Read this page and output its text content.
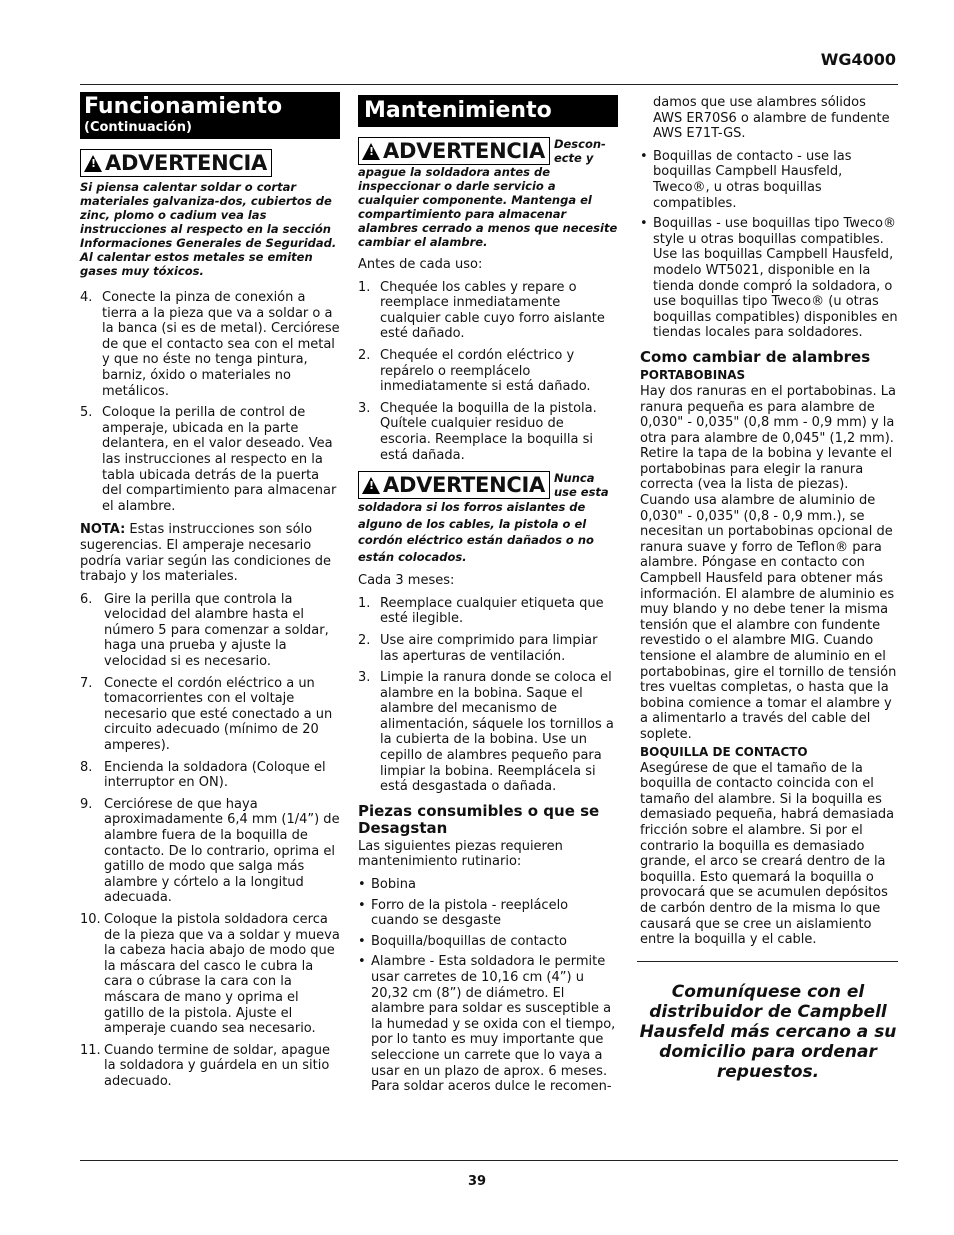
WG4000
Funcionamiento
(Continuación)
!
ADVERTENCIA
Si piensa calentar soldar o cortar materiales galvaniza-dos, cubiertos de zinc, plomo o cadium vea las instrucciones al respecto en la sección Informaciones Generales de Seguridad. Al calentar estos metales se emiten gases muy tóxicos.
4. Conecte la pinza de conexión a tierra a la pieza que va a soldar o a la banca (si es de metal). Cerciórese de que el contacto sea con el metal y que no éste no tenga pintura, barniz, óxido o materiales no metálicos.
5. Coloque la perilla de control de amperaje, ubicada en la parte delantera, en el valor deseado. Vea las instrucciones al respecto en la tabla ubicada detrás de la puerta del compartimiento para almacenar el alambre.

NOTA: Estas instrucciones son sólo sugerencias. El amperaje necesario podría variar según las condiciones de trabajo y los materiales.

6. Gire la perilla que controla la velocidad del alambre hasta el número 5 para comenzar a soldar, haga una prueba y ajuste la velocidad si es necesario.
7. Conecte el cordón eléctrico a un tomacorrientes con el voltaje necesario que esté conectado a un circuito adecuado (mínimo de 20 amperes).
8. Encienda la soldadora (Coloque el interruptor en ON).
9. Cerciórese de que haya aproximadamente 6,4 mm (1/4”) de alambre fuera de la boquilla de contacto. De lo contrario, oprima el gatillo de modo que salga más alambre y córtelo a la longitud adecuada.
10. Coloque la pistola soldadora cerca de la pieza que va a soldar y mueva la cabeza hacia abajo de modo que la máscara del casco le cubra la cara o cúbrase la cara con la máscara de mano y oprima el gatillo de la pistola. Ajuste el amperaje cuando sea necesario.
11. Cuando termine de soldar, apague la soldadora y guárdela en un sitio adecuado.
Mantenimiento
!
ADVERTENCIA Descon-ecte y
apague la soldadora antes de inspeccionar o darle servicio a cualquier componente. Mantenga el compartimiento para almacenar alambres cerrado a menos que necesite cambiar el alambre.

Antes de cada uso:

1. Chequée los cables y repare o reemplace inmediatamente cualquier cable cuyo forro aislante esté dañado.
2. Chequée el cordón eléctrico y repárelo o reemplácelo inmediatamente si está dañado.
3. Chequée la boquilla de la pistola. Quítele cualquier residuo de escoria. Reemplace la boquilla si está dañada.
!
ADVERTENCIA Nunca use esta
soldadora si los forros aislantes de alguno de los cables, la pistola o el cordón eléctrico están dañados o no están colocados.

Cada 3 meses:

1. Reemplace cualquier etiqueta que esté ilegible.
2. Use aire comprimido para limpiar las aperturas de ventilación.
3. Limpie la ranura donde se coloca el alambre en la bobina. Saque el alambre del mecanismo de alimentación, sáquele los tornillos a la cubierta de la bobina. Use un cepillo de alambres pequeño para limpiar la bobina. Reemplácela si está desgastada o dañada.
Piezas consumibles o que se Desagstan

Las siguientes piezas requieren mantenimiento rutinario:

• Bobina
• Forro de la pistola - reeplácelo cuando se desgaste
• Boquilla/boquillas de contacto
• Alambre - Esta soldadora le permite usar carretes de 10,16 cm (4”) u 20,32 cm (8”) de diámetro. El alambre para soldar es susceptible a la humedad y se oxida con el tiempo, por lo tanto es muy importante que seleccione un carrete que lo vaya a usar en un plazo de aprox. 6 meses. Para soldar aceros dulce le recomen-

damos que use alambres sólidos AWS ER70S6 o alambre de fundente AWS E71T-GS.

• Boquillas de contacto - use las boquillas Campbell Hausfeld, Tweco®, u otras boquillas compatibles.
• Boquillas - use boquillas tipo Tweco® style u otras boquillas compatibles. Use las boquillas Campbell Hausfeld, modelo WT5021, disponible en la tienda donde compró la soldadora, o use boquillas tipo Tweco® (u otras boquillas compatibles) disponibles en tiendas locales para soldadores.
Como cambiar de alambres
PORTABOBINAS

Hay dos ranuras en el portabobinas. La ranura pequeña es para alambre de 0,030" - 0,035" (0,8 mm - 0,9 mm) y la otra para alambre de 0,045" (1,2 mm). Retire la tapa de la bobina y levante el portabobinas para elegir la ranura correcta (vea la lista de piezas). Cuando usa alambre de aluminio de 0,030" - 0,035" (0,8 - 0,9 mm.), se necesitan un portabobinas opcional de ranura suave y forro de Teflon® para alambre. Póngase en contacto con Campbell Hausfeld para obtener más información. El alambre de aluminio es muy blando y no debe tener la misma tensión que el alambre con fundente revestido o el alambre MIG. Cuando tensione el alambre de aluminio en el portabobinas, gire el tornillo de tensión tres vueltas completas, o hasta que la bobina comience a tomar el alambre y a alimentarlo a través del cable del soplete.

BOQUILLA DE CONTACTO

Asegúrese de que el tamaño de la boquilla de contacto coincida con el tamaño del alambre. Si la boquilla es demasiado pequeña, habrá demasiada fricción sobre el alambre. Si por el contrario la boquilla es demasiado grande, el arco se creará dentro de la boquilla. Esto quemará la boquilla o provocará que se acumulen depósitos de carbón dentro de la misma lo que causará que se cree un aislamiento entre la boquilla y el cable.

Comuníquese con el distribuidor de Campbell Hausfeld más cercano a su domicilio para ordenar repuestos.
39
